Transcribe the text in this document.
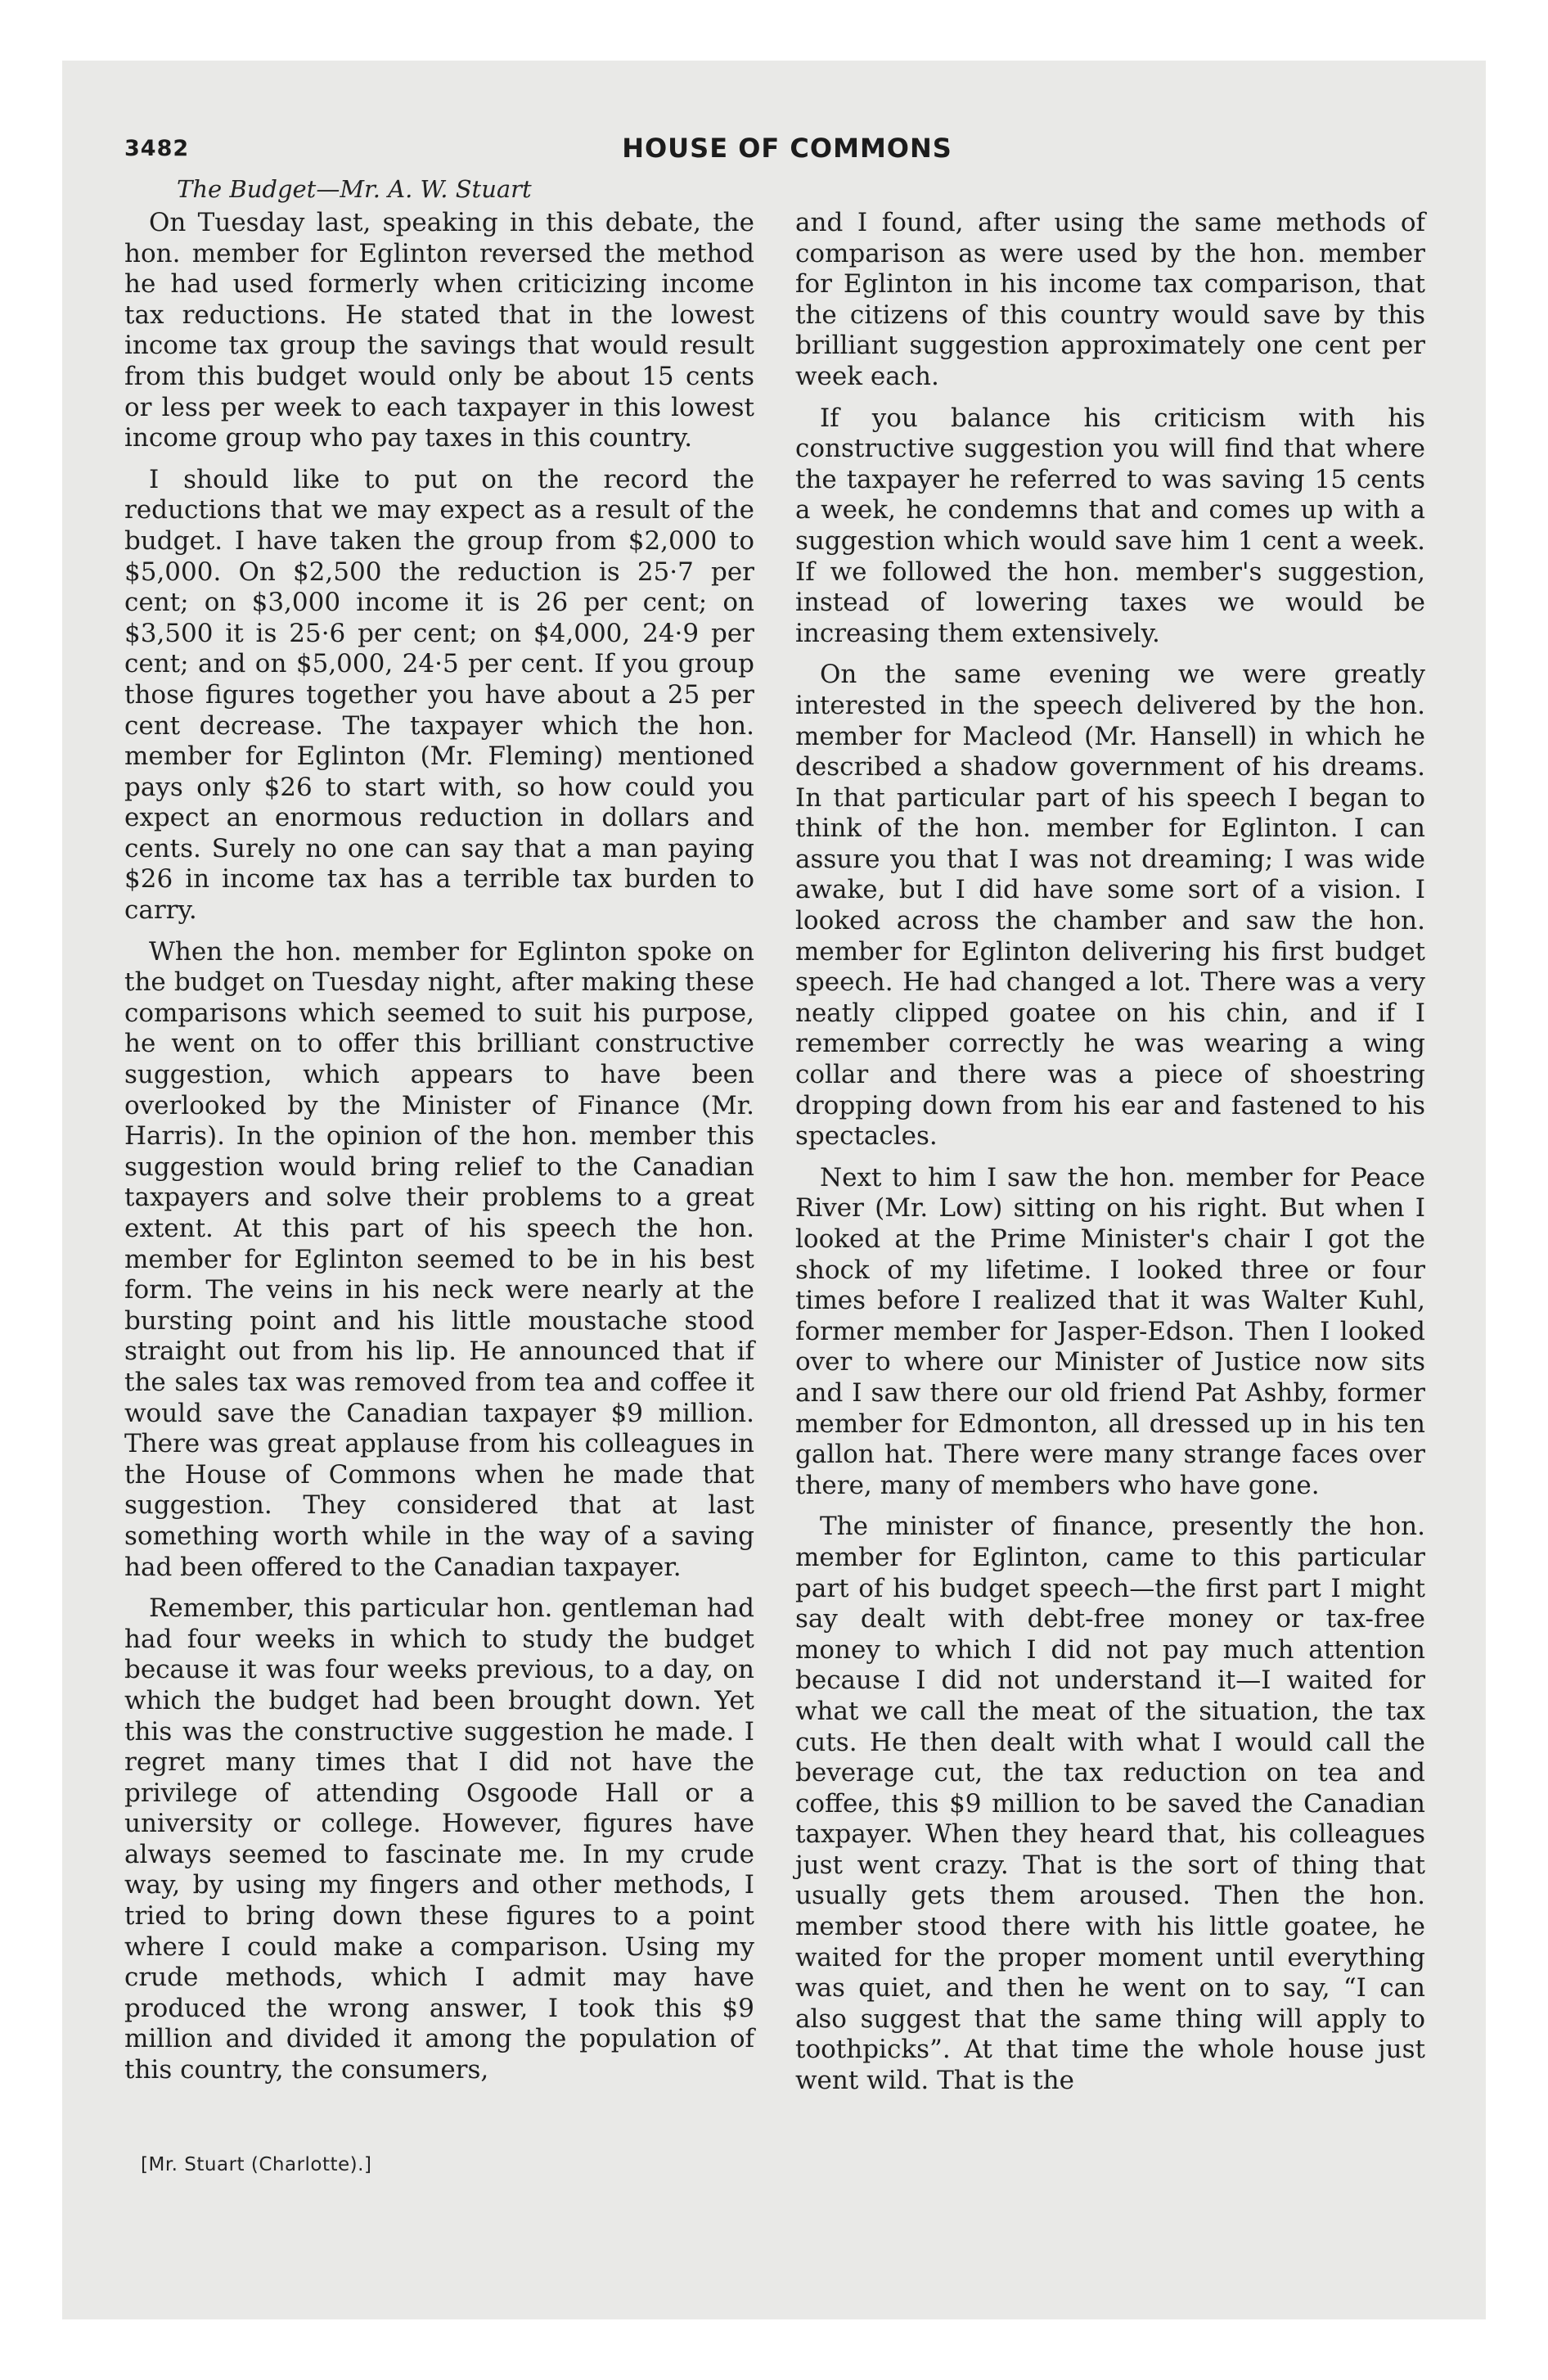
3482	HOUSE OF COMMONS
The Budget—Mr. A. W. Stuart

On Tuesday last, speaking in this debate, the hon. member for Eglinton reversed the method he had used formerly when criticizing income tax reductions. He stated that in the lowest income tax group the savings that would result from this budget would only be about 15 cents or less per week to each taxpayer in this lowest income group who pay taxes in this country.

I should like to put on the record the reductions that we may expect as a result of the budget. I have taken the group from $2,000 to $5,000. On $2,500 the reduction is 25·7 per cent; on $3,000 income it is 26 per cent; on $3,500 it is 25·6 per cent; on $4,000, 24·9 per cent; and on $5,000, 24·5 per cent. If you group those figures together you have about a 25 per cent decrease. The taxpayer which the hon. member for Eglinton (Mr. Fleming) mentioned pays only $26 to start with, so how could you expect an enormous reduction in dollars and cents. Surely no one can say that a man paying $26 in income tax has a terrible tax burden to carry.

When the hon. member for Eglinton spoke on the budget on Tuesday night, after making these comparisons which seemed to suit his purpose, he went on to offer this brilliant constructive suggestion, which appears to have been overlooked by the Minister of Finance (Mr. Harris). In the opinion of the hon. member this suggestion would bring relief to the Canadian taxpayers and solve their problems to a great extent. At this part of his speech the hon. member for Eglinton seemed to be in his best form. The veins in his neck were nearly at the bursting point and his little moustache stood straight out from his lip. He announced that if the sales tax was removed from tea and coffee it would save the Canadian taxpayer $9 million. There was great applause from his colleagues in the House of Commons when he made that suggestion. They considered that at last something worth while in the way of a saving had been offered to the Canadian taxpayer.

Remember, this particular hon. gentleman had had four weeks in which to study the budget because it was four weeks previous, to a day, on which the budget had been brought down. Yet this was the constructive suggestion he made. I regret many times that I did not have the privilege of attending Osgoode Hall or a university or college. However, figures have always seemed to fascinate me. In my crude way, by using my fingers and other methods, I tried to bring down these figures to a point where I could make a comparison. Using my crude methods, which I admit may have produced the wrong answer, I took this $9 million and divided it among the population of this country, the consumers,

and I found, after using the same methods of comparison as were used by the hon. member for Eglinton in his income tax comparison, that the citizens of this country would save by this brilliant suggestion approximately one cent per week each.

If you balance his criticism with his constructive suggestion you will find that where the taxpayer he referred to was saving 15 cents a week, he condemns that and comes up with a suggestion which would save him 1 cent a week. If we followed the hon. member's suggestion, instead of lowering taxes we would be increasing them extensively.

On the same evening we were greatly interested in the speech delivered by the hon. member for Macleod (Mr. Hansell) in which he described a shadow government of his dreams. In that particular part of his speech I began to think of the hon. member for Eglinton. I can assure you that I was not dreaming; I was wide awake, but I did have some sort of a vision. I looked across the chamber and saw the hon. member for Eglinton delivering his first budget speech. He had changed a lot. There was a very neatly clipped goatee on his chin, and if I remember correctly he was wearing a wing collar and there was a piece of shoestring dropping down from his ear and fastened to his spectacles.

Next to him I saw the hon. member for Peace River (Mr. Low) sitting on his right. But when I looked at the Prime Minister's chair I got the shock of my lifetime. I looked three or four times before I realized that it was Walter Kuhl, former member for Jasper-Edson. Then I looked over to where our Minister of Justice now sits and I saw there our old friend Pat Ashby, former member for Edmonton, all dressed up in his ten gallon hat. There were many strange faces over there, many of members who have gone.

The minister of finance, presently the hon. member for Eglinton, came to this particular part of his budget speech—the first part I might say dealt with debt-free money or tax-free money to which I did not pay much attention because I did not understand it—I waited for what we call the meat of the situation, the tax cuts. He then dealt with what I would call the beverage cut, the tax reduction on tea and coffee, this $9 million to be saved the Canadian taxpayer. When they heard that, his colleagues just went crazy. That is the sort of thing that usually gets them aroused. Then the hon. member stood there with his little goatee, he waited for the proper moment until everything was quiet, and then he went on to say, “I can also suggest that the same thing will apply to toothpicks”. At that time the whole house just went wild. That is the

[Mr. Stuart (Charlotte).]
